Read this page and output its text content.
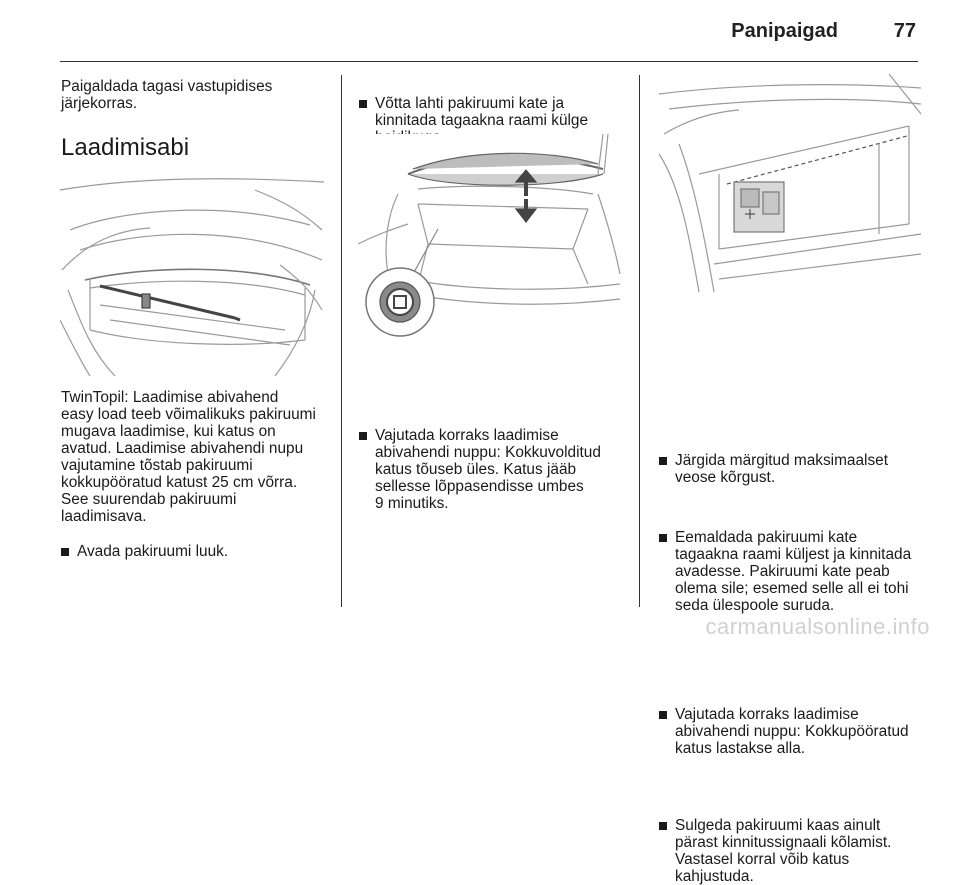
Panipaigad	77
Paigaldada tagasi vastupidises
järjekorras.
Laadimisabi
TwinTopil: Laadimise abivahend
easy load teeb võimalikuks pakiruumi
mugava laadimise, kui katus on
avatud. Laadimise abivahendi nupu
vajutamine tõstab pakiruumi
kokkupööratud katust 25 cm võrra.
See suurendab pakiruumi
laadimisava.
Avada pakiruumi luuk.
Võtta lahti pakiruumi kate ja
kinnitada tagaakna raami külge
Vajutada korraks laadimise
abivahendi nuppu: Kokkuvolditud
katus tõuseb üles. Katus jääb
sellesse lõppasendisse umbes
9 minutiks.
Järgida märgitud maksimaalset
veose kõrgust.
Eemaldada pakiruumi kate
tagaakna raami küljest ja kinnitada
avadesse. Pakiruumi kate peab
olema sile; esemed selle all ei tohi
seda ülespoole suruda.
Vajutada korraks laadimise
abivahendi nuppu: Kokkupööratud
katus lastakse alla.
Sulgeda pakiruumi kaas ainult
pärast kinnitussignaali kõlamist.
Vastasel korral võib katus
kahjustuda.
carmanualsonline.info
